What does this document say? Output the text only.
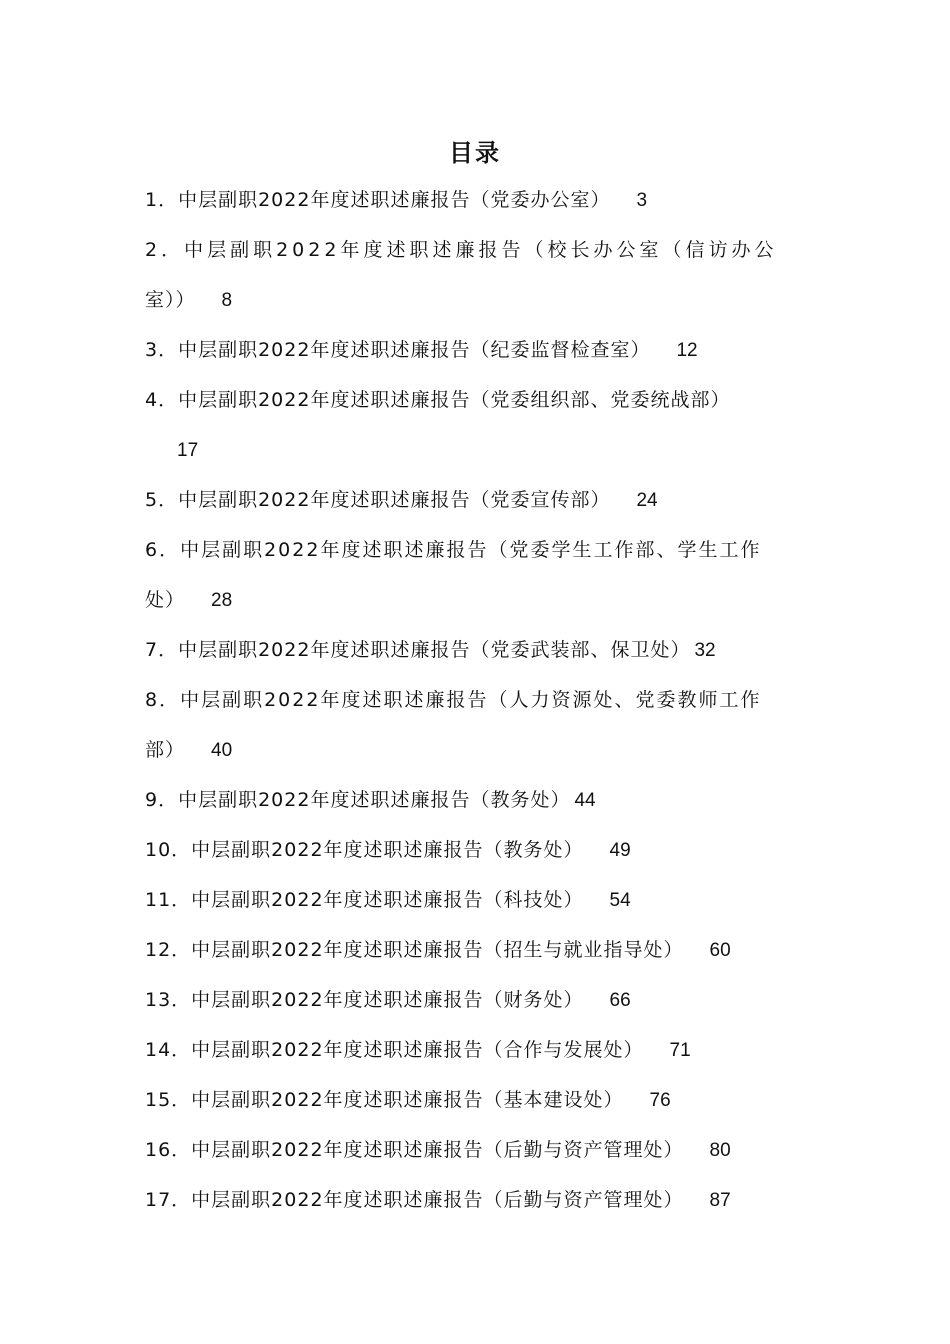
目录
1．中层副职2022年度述职述廉报告（党委办公室） 3
2．中层副职2022年度述职述廉报告（校长办公室（信访办公
室）） 8
3．中层副职2022年度述职述廉报告（纪委监督检查室） 12
4．中层副职2022年度述职述廉报告（党委组织部、党委统战部）
17
5．中层副职2022年度述职述廉报告（党委宣传部） 24
6．中层副职2022年度述职述廉报告（党委学生工作部、学生工作
处） 28
7．中层副职2022年度述职述廉报告（党委武装部、保卫处） 32
8．中层副职2022年度述职述廉报告（人力资源处、党委教师工作
部） 40
9．中层副职2022年度述职述廉报告（教务处） 44
10．中层副职2022年度述职述廉报告（教务处） 49
11．中层副职2022年度述职述廉报告（科技处） 54
12．中层副职2022年度述职述廉报告（招生与就业指导处） 60
13．中层副职2022年度述职述廉报告（财务处） 66
14．中层副职2022年度述职述廉报告（合作与发展处） 71
15．中层副职2022年度述职述廉报告（基本建设处） 76
16．中层副职2022年度述职述廉报告（后勤与资产管理处） 80
17．中层副职2022年度述职述廉报告（后勤与资产管理处） 87
